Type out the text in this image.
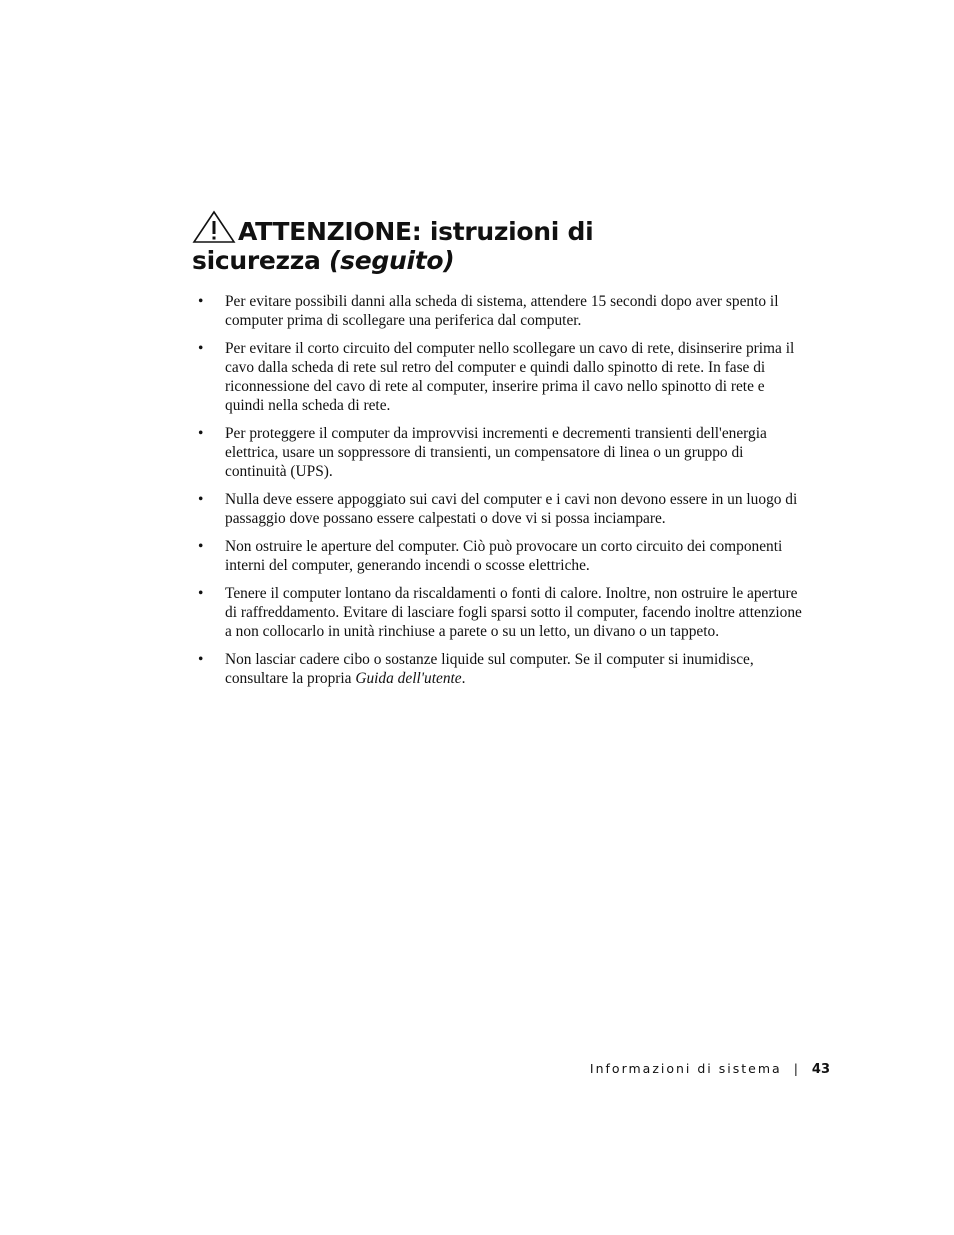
ATTENZIONE: istruzioni di
sicurezza (seguito)
• Per evitare possibili danni alla scheda di sistema, attendere 15 secondi dopo aver spento il computer prima di scollegare una periferica dal computer.
• Per evitare il corto circuito del computer nello scollegare un cavo di rete, disinserire prima il cavo dalla scheda di rete sul retro del computer e quindi dallo spinotto di rete. In fase di riconnessione del cavo di rete al computer, inserire prima il cavo nello spinotto di rete e quindi nella scheda di rete.
• Per proteggere il computer da improvvisi incrementi e decrementi transienti dell'energia elettrica, usare un soppressore di transienti, un compensatore di linea o un gruppo di continuità (UPS).
• Nulla deve essere appoggiato sui cavi del computer e i cavi non devono essere in un luogo di passaggio dove possano essere calpestati o dove vi si possa inciampare.
• Non ostruire le aperture del computer. Ciò può provocare un corto circuito dei componenti interni del computer, generando incendi o scosse elettriche.
• Tenere il computer lontano da riscaldamenti o fonti di calore. Inoltre, non ostruire le aperture di raffreddamento. Evitare di lasciare fogli sparsi sotto il computer, facendo inoltre attenzione a non collocarlo in unità rinchiuse a parete o su un letto, un divano o un tappeto.
• Non lasciar cadere cibo o sostanze liquide sul computer. Se il computer si inumidisce, consultare la propria Guida dell'utente.
Informazioni di sistema | 43
